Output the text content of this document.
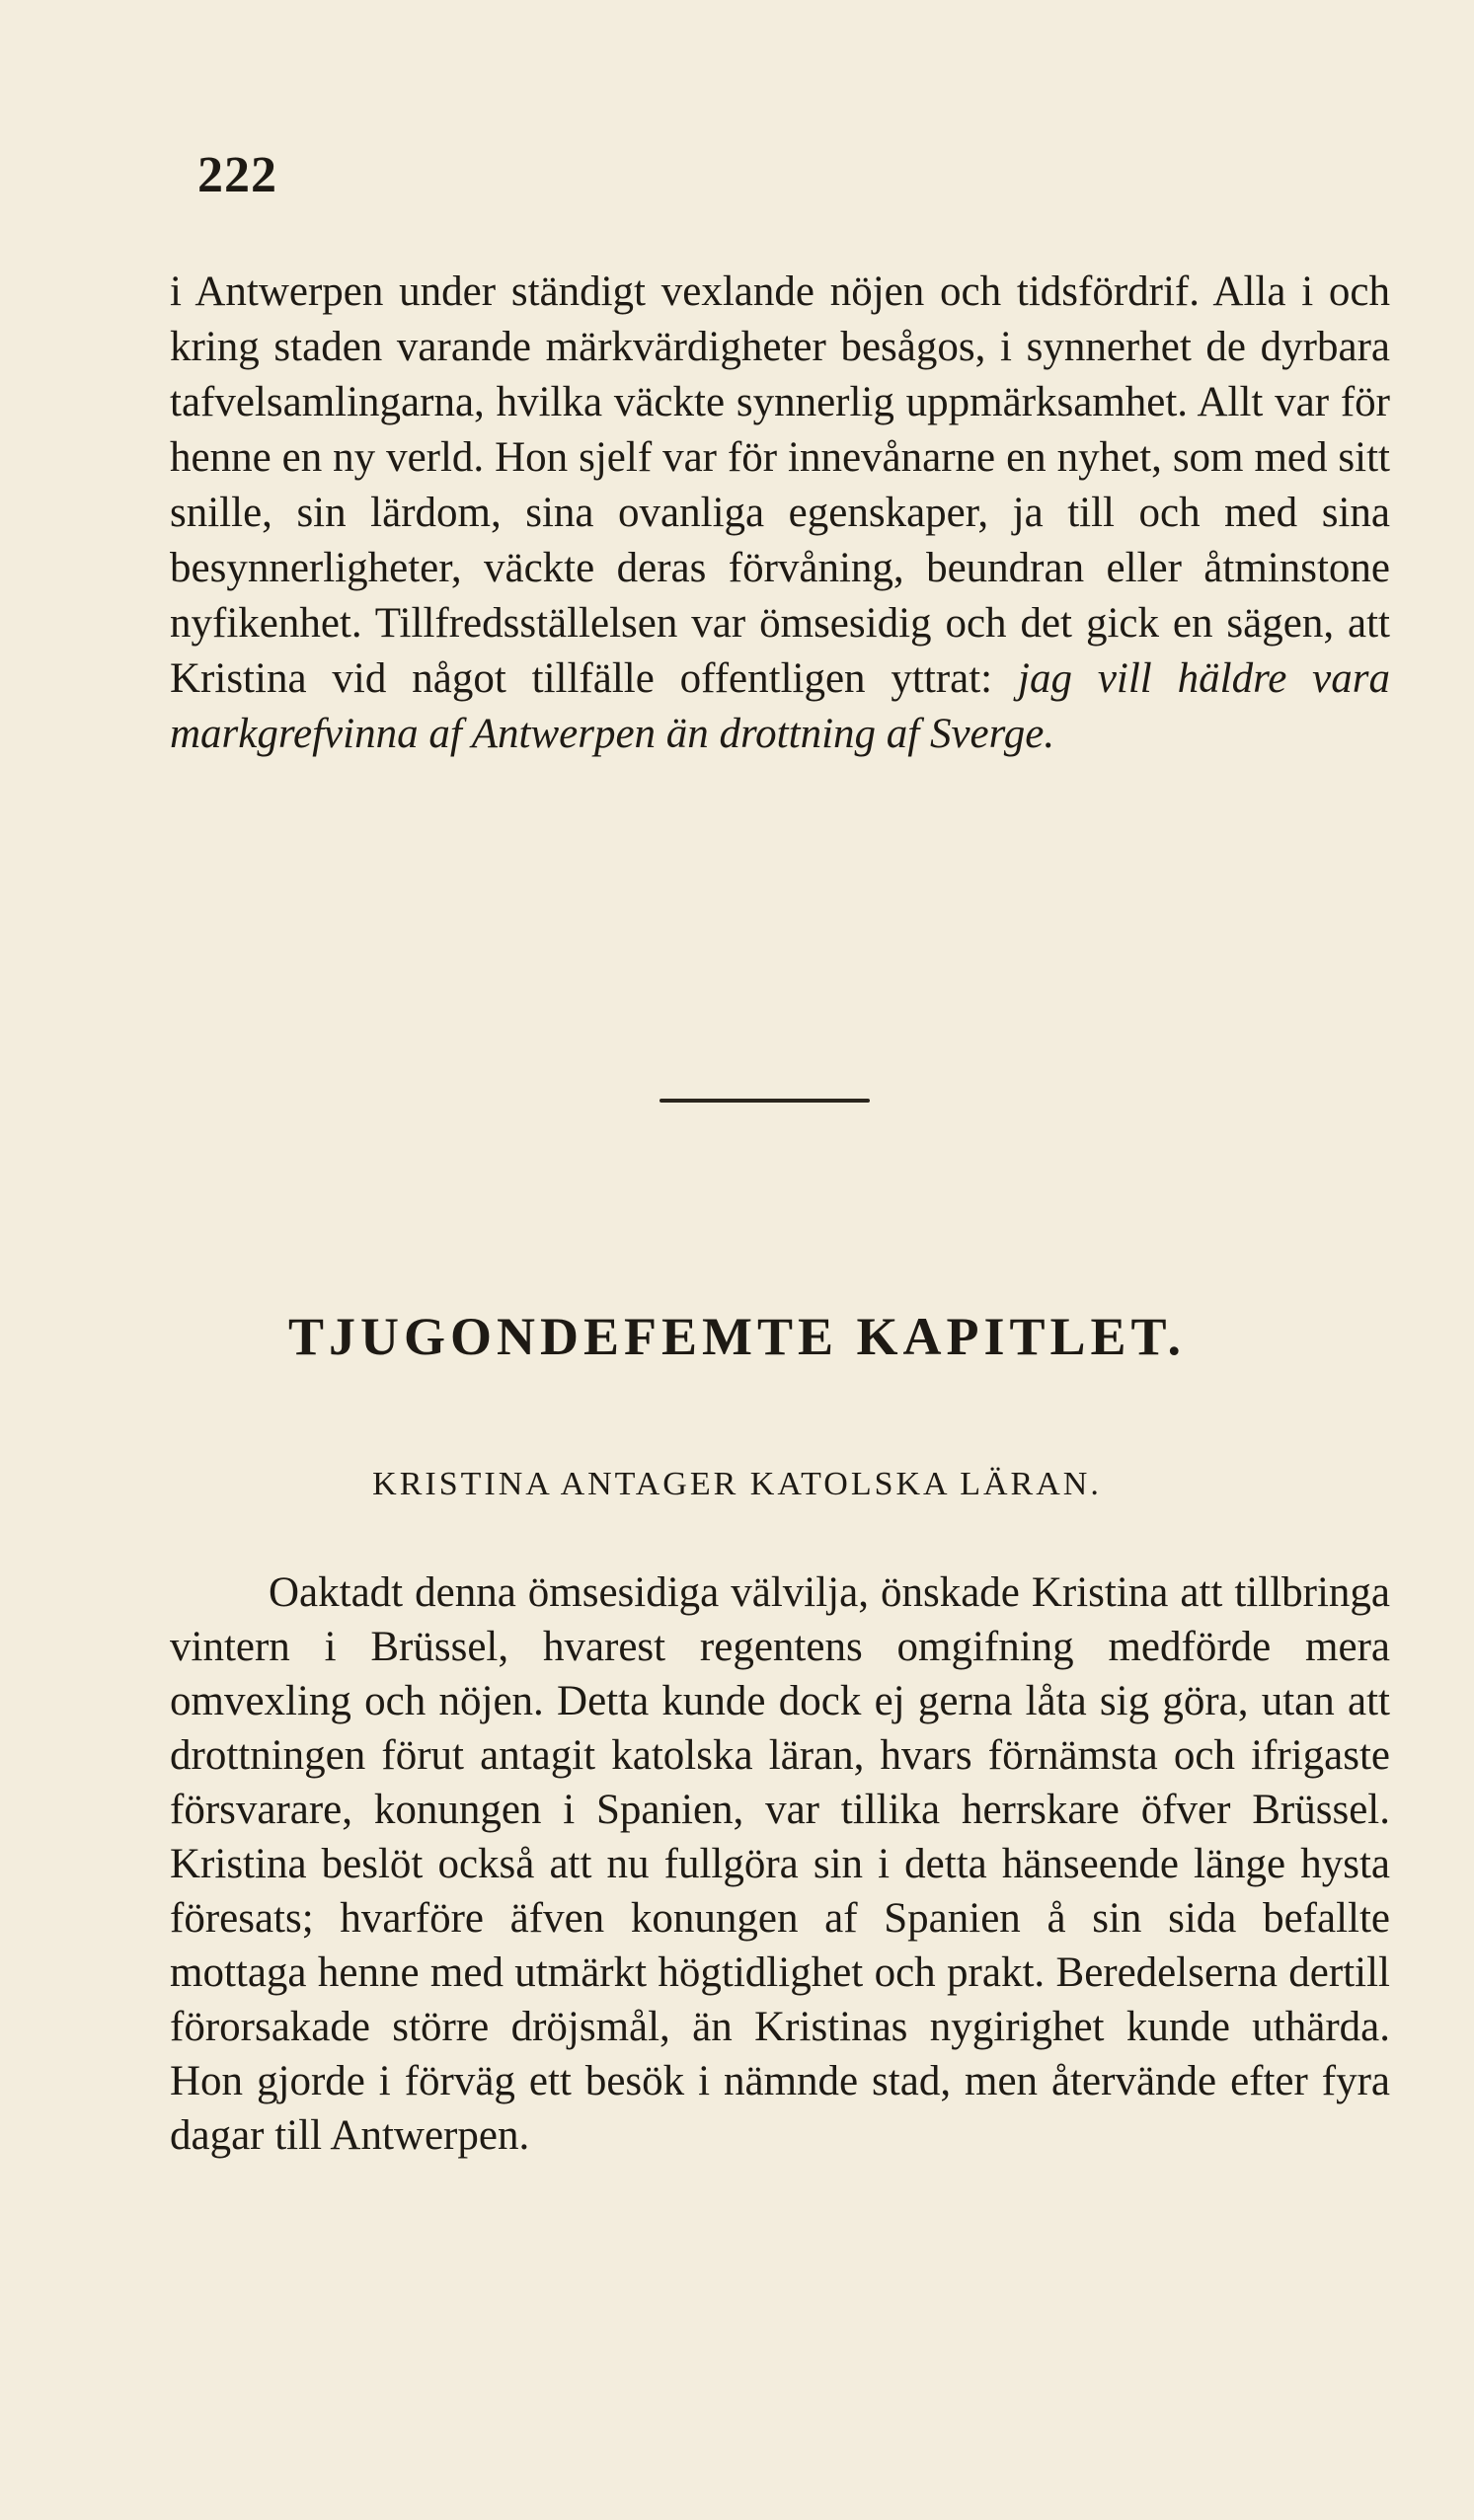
222

i Antwerpen under ständigt vexlande nöjen och tidsfördrif. Alla i och kring staden varande märkvärdigheter besågos, i synnerhet de dyrbara tafvelsamlingarna, hvilka väckte synnerlig uppmärksamhet. Allt var för henne en ny verld. Hon sjelf var för innevånarne en nyhet, som med sitt snille, sin lärdom, sina ovanliga egenskaper, ja till och med sina besynnerligheter, väckte deras förvåning, beundran eller åtminstone nyfikenhet. Tillfredsställelsen var ömsesidig och det gick en sägen, att Kristina vid något tillfälle offentligen yttrat: jag vill häldre vara markgrefvinna af Antwerpen än drottning af Sverge.

TJUGONDEFEMTE KAPITLET.
KRISTINA ANTAGER KATOLSKA LÄRAN.

Oaktadt denna ömsesidiga välvilja, önskade Kristina att tillbringa vintern i Brüssel, hvarest regentens omgifning medförde mera omvexling och nöjen. Detta kunde dock ej gerna låta sig göra, utan att drottningen förut antagit katolska läran, hvars förnämsta och ifrigaste försvarare, konungen i Spanien, var tillika herrskare öfver Brüssel. Kristina beslöt också att nu fullgöra sin i detta hänseende länge hysta föresats; hvarföre äfven konungen af Spanien å sin sida befallte mottaga henne med utmärkt högtidlighet och prakt. Beredelserna dertill förorsakade större dröjsmål, än Kristinas nygirighet kunde uthärda. Hon gjorde i förväg ett besök i nämnde stad, men återvände efter fyra dagar till Antwerpen.
